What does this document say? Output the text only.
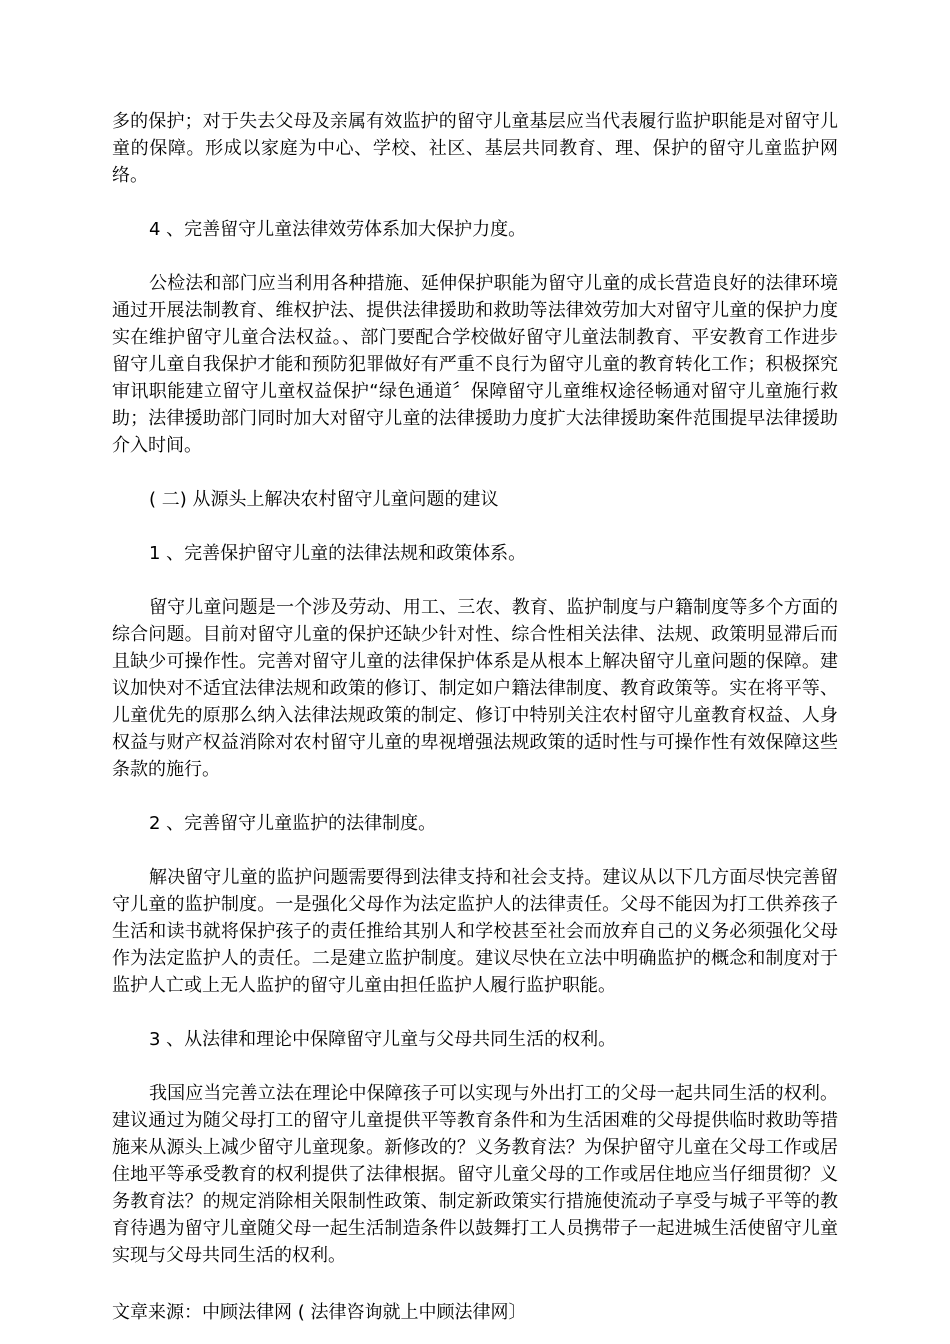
多的保护；对于失去父母及亲属有效监护的留守儿童基层应当代表履行监护职能是对留守儿童的保障。形成以家庭为中心、学校、社区、基层共同教育、理、保护的留守儿童监护网络。

4 、完善留守儿童法律效劳体系加大保护力度。

公检法和部门应当利用各种措施、延伸保护职能为留守儿童的成长营造良好的法律环境通过开展法制教育、维权护法、提供法律援助和救助等法律效劳加大对留守儿童的保护力度实在维护留守儿童合法权益。、部门要配合学校做好留守儿童法制教育、平安教育工作进步留守儿童自我保护才能和预防犯罪做好有严重不良行为留守儿童的教育转化工作；积极探究审讯职能建立留守儿童权益保护“绿色通道〞保障留守儿童维权途径畅通对留守儿童施行救助；法律援助部门同时加大对留守儿童的法律援助力度扩大法律援助案件范围提早法律援助介入时间。

( 二) 从源头上解决农村留守儿童问题的建议

1 、完善保护留守儿童的法律法规和政策体系。

留守儿童问题是一个涉及劳动、用工、三农、教育、监护制度与户籍制度等多个方面的综合问题。目前对留守儿童的保护还缺少针对性、综合性相关法律、法规、政策明显滞后而且缺少可操作性。完善对留守儿童的法律保护体系是从根本上解决留守儿童问题的保障。建议加快对不适宜法律法规和政策的修订、制定如户籍法律制度、教育政策等。实在将平等、儿童优先的原那么纳入法律法规政策的制定、修订中特别关注农村留守儿童教育权益、人身权益与财产权益消除对农村留守儿童的卑视增强法规政策的适时性与可操作性有效保障这些条款的施行。

2 、完善留守儿童监护的法律制度。

解决留守儿童的监护问题需要得到法律支持和社会支持。建议从以下几方面尽快完善留守儿童的监护制度。一是强化父母作为法定监护人的法律责任。父母不能因为打工供养孩子生活和读书就将保护孩子的责任推给其别人和学校甚至社会而放弃自己的义务必须强化父母作为法定监护人的责任。二是建立监护制度。建议尽快在立法中明确监护的概念和制度对于监护人亡或上无人监护的留守儿童由担任监护人履行监护职能。

3 、从法律和理论中保障留守儿童与父母共同生活的权利。

我国应当完善立法在理论中保障孩子可以实现与外出打工的父母一起共同生活的权利。建议通过为随父母打工的留守儿童提供平等教育条件和为生活困难的父母提供临时救助等措施来从源头上减少留守儿童现象。新修改的？义务教育法？为保护留守儿童在父母工作或居住地平等承受教育的权利提供了法律根据。留守儿童父母的工作或居住地应当仔细贯彻？义务教育法？的规定消除相关限制性政策、制定新政策实行措施使流动子享受与城子平等的教育待遇为留守儿童随父母一起生活制造条件以鼓舞打工人员携带子一起进城生活使留守儿童实现与父母共同生活的权利。

文章来源：中顾法律网 ( 法律咨询就上中顾法律网〕
